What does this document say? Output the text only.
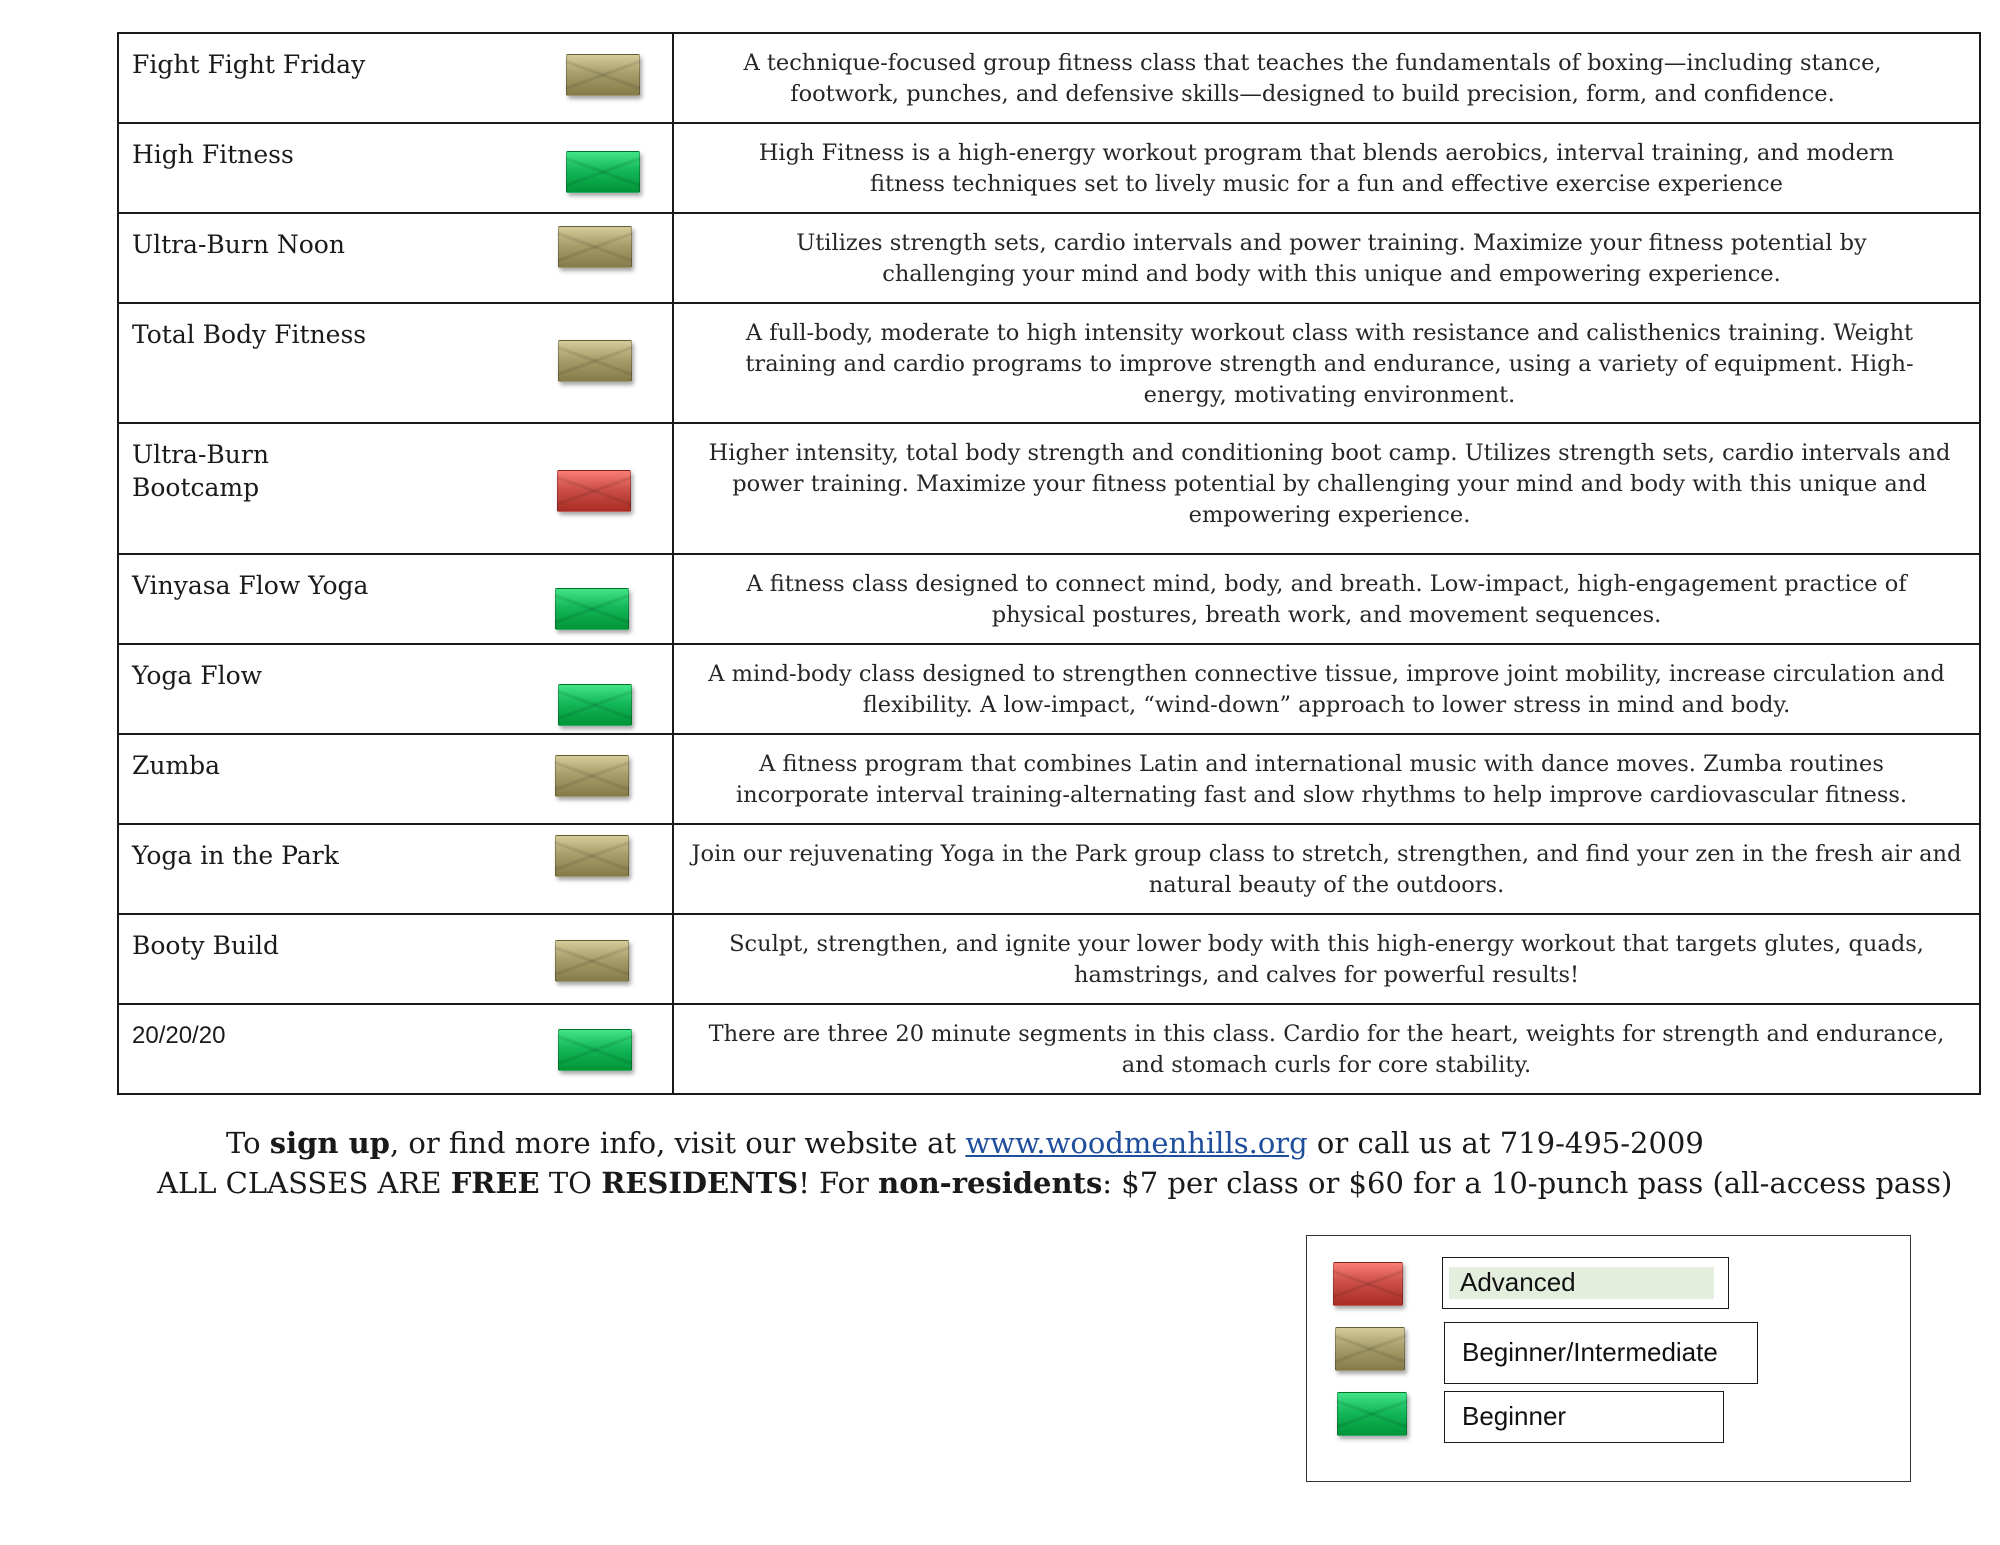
Fight Fight Friday	A technique-focused group fitness class that teaches the fundamentals of boxing—including stance, footwork, punches, and defensive skills—designed to build precision, form, and confidence.

High Fitness	High Fitness is a high-energy workout program that blends aerobics, interval training, and modern fitness techniques set to lively music for a fun and effective exercise experience

Ultra-Burn Noon	Utilizes strength sets, cardio intervals and power training. Maximize your fitness potential by challenging your mind and body with this unique and empowering experience.

Total Body Fitness	A full-body, moderate to high intensity workout class with resistance and calisthenics training. Weight training and cardio programs to improve strength and endurance, using a variety of equipment. High-energy, motivating environment.

Ultra-Burn Bootcamp	Higher intensity, total body strength and conditioning boot camp. Utilizes strength sets, cardio intervals and power training. Maximize your fitness potential by challenging your mind and body with this unique and empowering experience.

Vinyasa Flow Yoga	A fitness class designed to connect mind, body, and breath. Low-impact, high-engagement practice of physical postures, breath work, and movement sequences.

Yoga Flow	A mind-body class designed to strengthen connective tissue, improve joint mobility, increase circulation and flexibility. A low-impact, “wind-down” approach to lower stress in mind and body.

Zumba	A fitness program that combines Latin and international music with dance moves. Zumba routines incorporate interval training-alternating fast and slow rhythms to help improve cardiovascular fitness.

Yoga in the Park	Join our rejuvenating Yoga in the Park group class to stretch, strengthen, and find your zen in the fresh air and natural beauty of the outdoors.

Booty Build	Sculpt, strengthen, and ignite your lower body with this high-energy workout that targets glutes, quads, hamstrings, and calves for powerful results!

20/20/20	There are three 20 minute segments in this class. Cardio for the heart, weights for strength and endurance, and stomach curls for core stability.

To sign up, or find more info, visit our website at www.woodmenhills.org or call us at 719-495-2009
ALL CLASSES ARE FREE TO RESIDENTS! For non-residents: $7 per class or $60 for a 10-punch pass (all-access pass)
Advanced
Beginner/Intermediate
Beginner
